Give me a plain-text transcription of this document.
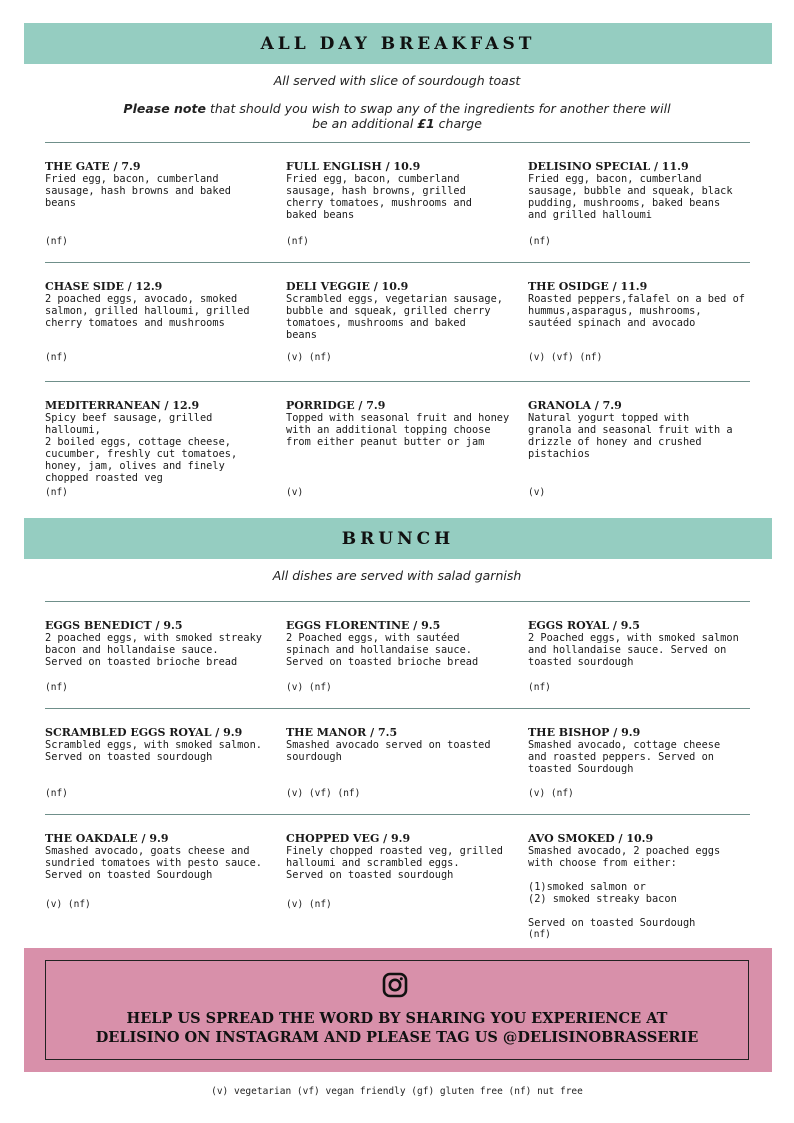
ALL DAY BREAKFAST
All served with slice of sourdough toast
Please note that should you wish to swap any of the ingredients for another there will be an additional £1 charge
THE GATE / 7.9
Fried egg, bacon, cumberland
sausage, hash browns and baked
beans
(nf)
FULL ENGLISH / 10.9
Fried egg, bacon, cumberland
sausage, hash browns, grilled
cherry tomatoes, mushrooms and
baked beans
(nf)
DELISINO SPECIAL / 11.9
Fried egg, bacon, cumberland
sausage, bubble and squeak, black
pudding, mushrooms, baked beans
and grilled halloumi
(nf)
CHASE SIDE / 12.9
2 poached eggs, avocado, smoked
salmon, grilled halloumi, grilled
cherry tomatoes and mushrooms
(nf)
DELI VEGGIE / 10.9
Scrambled eggs, vegetarian sausage,
bubble and squeak, grilled cherry
tomatoes, mushrooms and baked
beans
(v) (nf)
THE OSIDGE / 11.9
Roasted peppers,falafel on a bed of
hummus,asparagus, mushrooms,
sautéed spinach and avocado
(v) (vf) (nf)
MEDITERRANEAN / 12.9
Spicy beef sausage, grilled halloumi,
2 boiled eggs, cottage cheese,
cucumber, freshly cut tomatoes,
honey, jam, olives and finely
chopped roasted veg
(nf)
PORRIDGE / 7.9
Topped with seasonal fruit and honey
with an additional topping choose
from either peanut butter or jam
(v)
GRANOLA / 7.9
Natural yogurt topped with
granola and seasonal fruit with a
drizzle of honey and crushed
pistachios
(v)
BRUNCH
All dishes are served with salad garnish
EGGS BENEDICT / 9.5
2 poached eggs, with smoked streaky
bacon and hollandaise sauce.
Served on toasted brioche bread
(nf)
EGGS FLORENTINE / 9.5
2 Poached eggs, with sautéed
spinach and hollandaise sauce.
Served on toasted brioche bread
(v) (nf)
EGGS ROYAL / 9.5
2 Poached eggs, with smoked salmon
and hollandaise sauce. Served on
toasted sourdough
(nf)
SCRAMBLED EGGS ROYAL / 9.9
Scrambled eggs, with smoked salmon.
Served on toasted sourdough
(nf)
THE MANOR / 7.5
Smashed avocado served on toasted
sourdough
(v) (vf) (nf)
THE BISHOP / 9.9
Smashed avocado, cottage cheese
and roasted peppers. Served on
toasted Sourdough
(v) (nf)
THE OAKDALE / 9.9
Smashed avocado, goats cheese and
sundried tomatoes with pesto sauce.
Served on toasted Sourdough
(v) (nf)
CHOPPED VEG / 9.9
Finely chopped roasted veg, grilled
halloumi and scrambled eggs.
Served on toasted sourdough
(v) (nf)
AVO SMOKED / 10.9
Smashed avocado, 2 poached eggs
with choose from either:

(1)smoked salmon or
(2) smoked streaky bacon

Served on toasted Sourdough
(nf)
HELP US SPREAD THE WORD BY SHARING YOU EXPERIENCE AT
DELISINO ON INSTAGRAM AND PLEASE TAG US @DELISINOBRASSERIE
(v) vegetarian (vf) vegan friendly (gf) gluten free (nf) nut free
